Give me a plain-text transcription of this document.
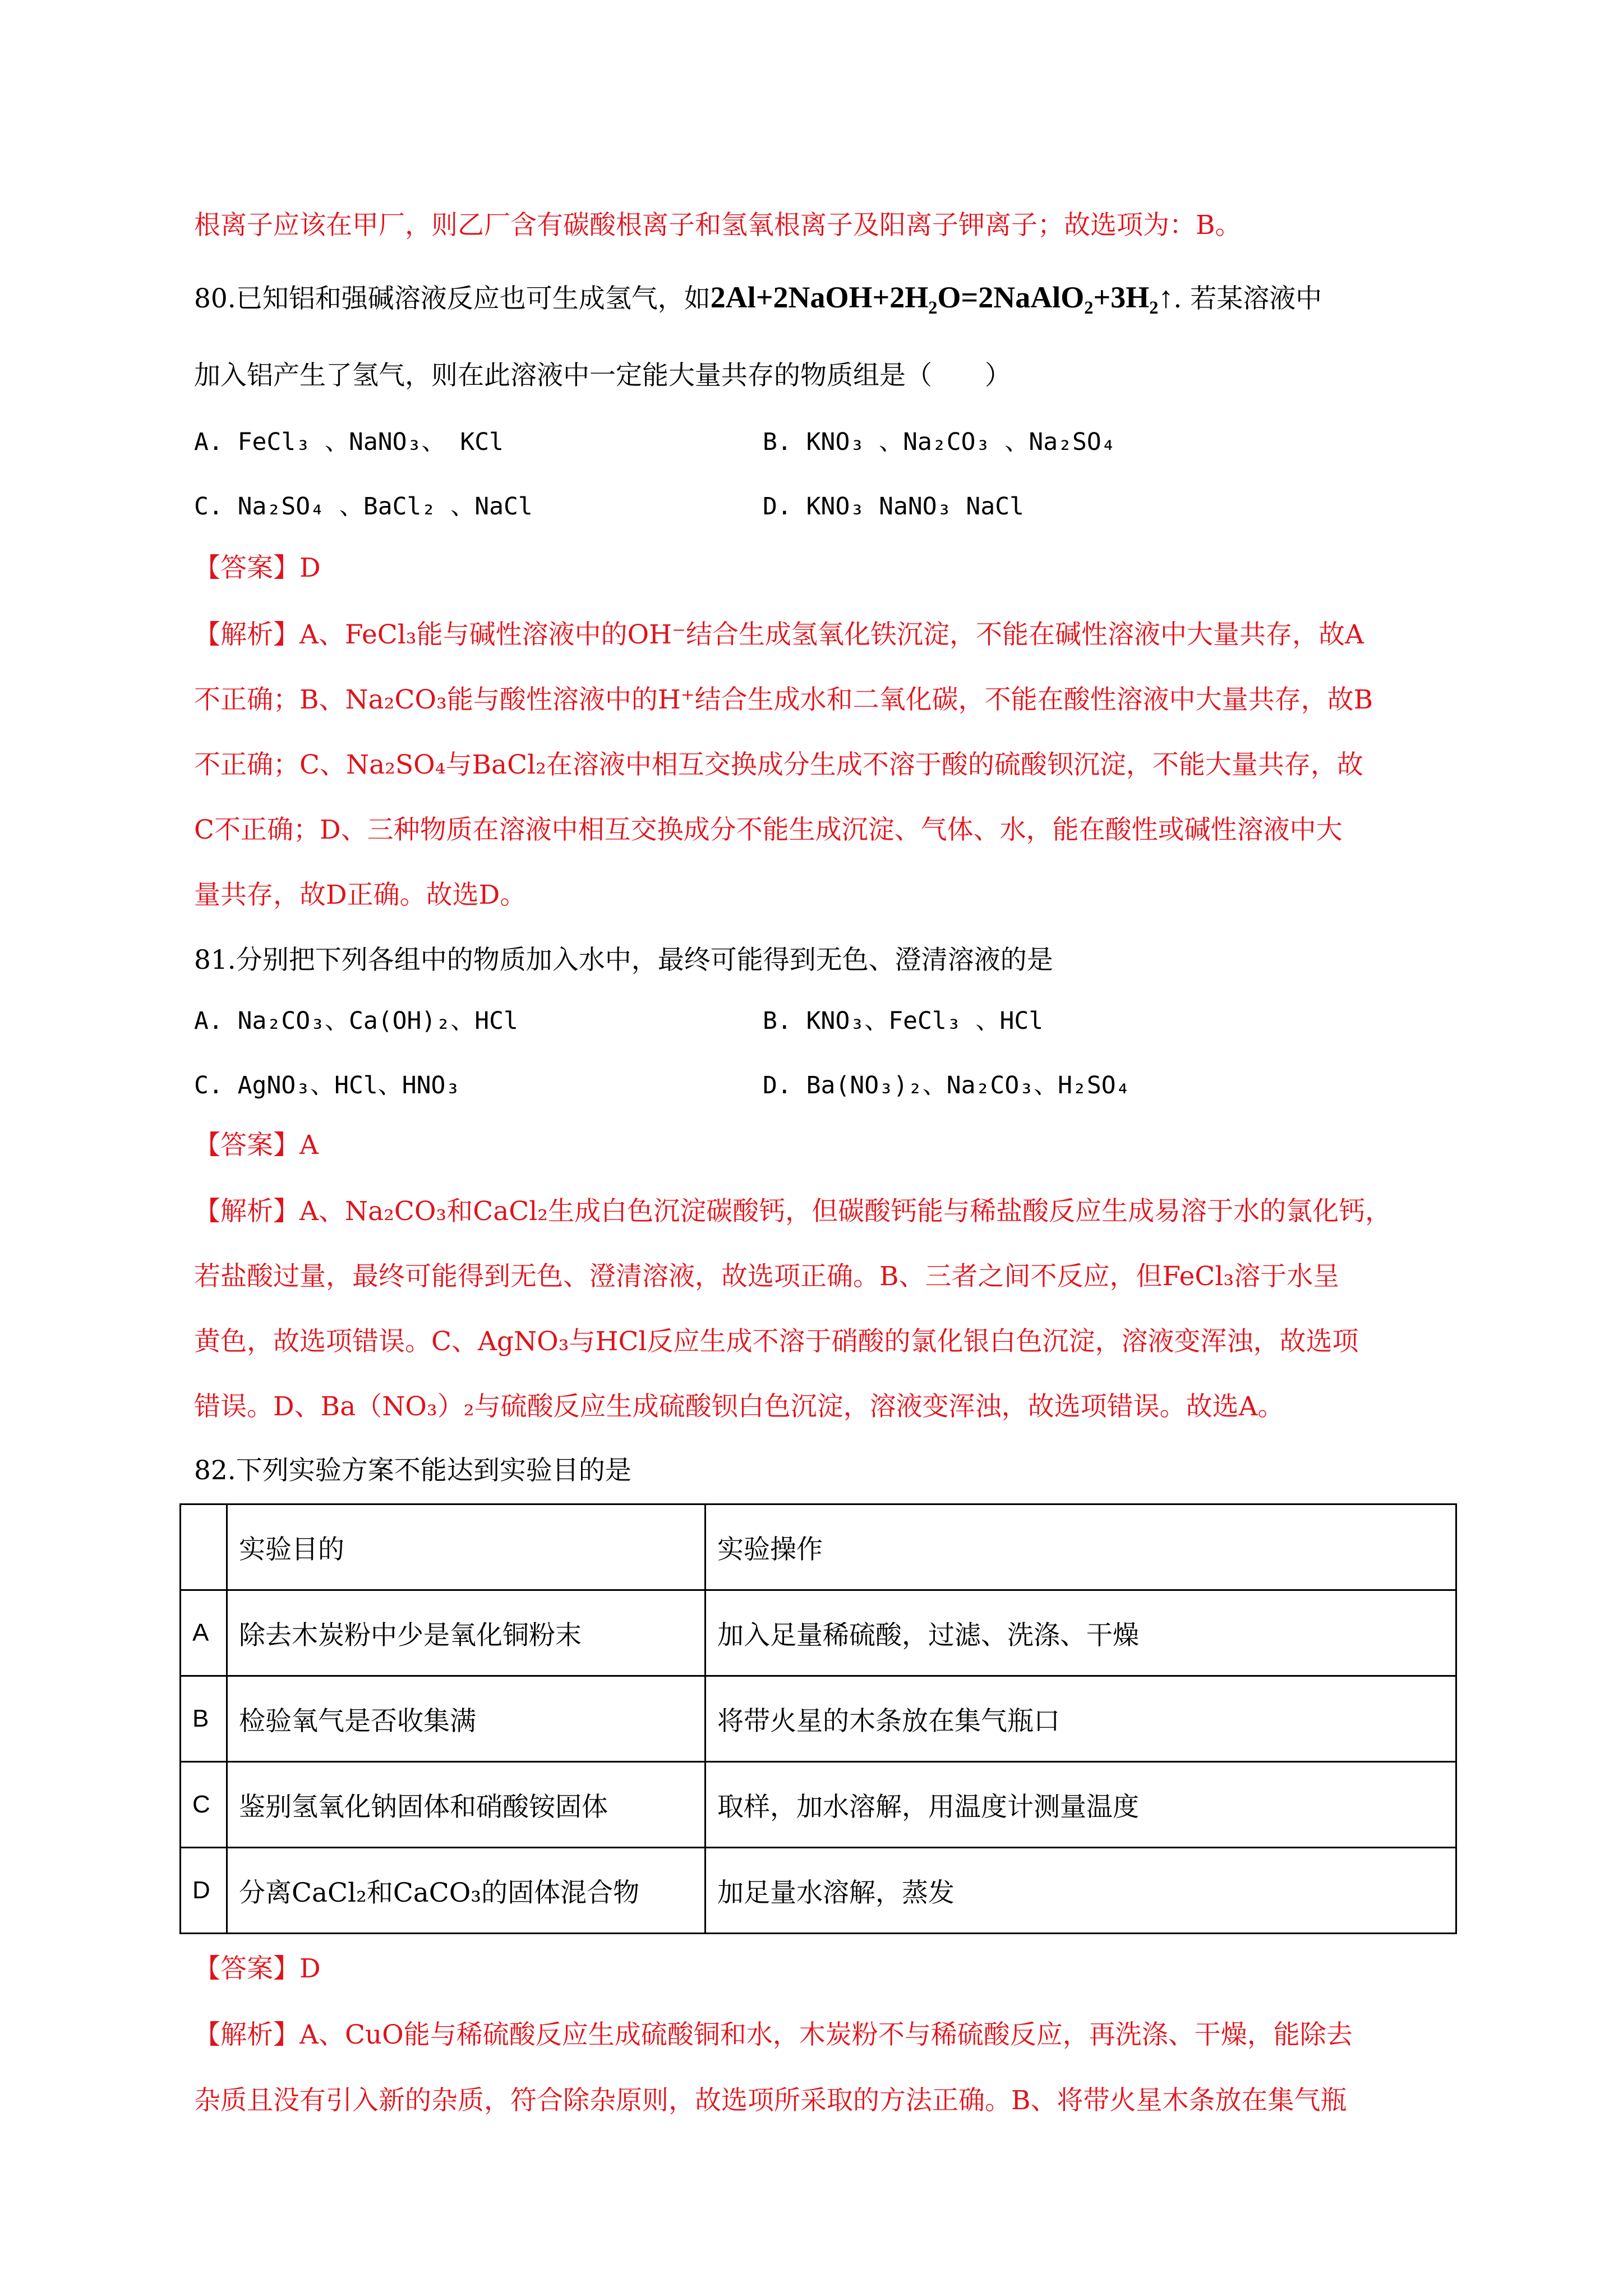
根离子应该在甲厂，则乙厂含有碳酸根离子和氢氧根离子及阳离子钾离子；故选项为：B。
80.已知铝和强碱溶液反应也可生成氢气，如2Al+2NaOH+2H₂O=2NaAlO₂+3H₂↑. 若某溶液中
加入铝产生了氢气，则在此溶液中一定能大量共存的物质组是（　　）
A. FeCl₃ 、NaNO₃、 KCl	B. KNO₃ 、Na₂CO₃ 、Na₂SO₄
C. Na₂SO₄ 、BaCl₂ 、NaCl	D. KNO₃ NaNO₃ NaCl
【答案】D
【解析】A、FeCl₃能与碱性溶液中的OH⁻结合生成氢氧化铁沉淀，不能在碱性溶液中大量共存，故A
不正确；B、Na₂CO₃能与酸性溶液中的H⁺结合生成水和二氧化碳，不能在酸性溶液中大量共存，故B
不正确；C、Na₂SO₄与BaCl₂在溶液中相互交换成分生成不溶于酸的硫酸钡沉淀，不能大量共存，故
C不正确；D、三种物质在溶液中相互交换成分不能生成沉淀、气体、水，能在酸性或碱性溶液中大
量共存，故D正确。故选D。
81.分别把下列各组中的物质加入水中，最终可能得到无色、澄清溶液的是
A. Na₂CO₃、Ca(OH)₂、HCl	B. KNO₃、FeCl₃ 、HCl
C. AgNO₃、HCl、HNO₃	D. Ba(NO₃)₂、Na₂CO₃、H₂SO₄
【答案】A
【解析】A、Na₂CO₃和CaCl₂生成白色沉淀碳酸钙，但碳酸钙能与稀盐酸反应生成易溶于水的氯化钙，
若盐酸过量，最终可能得到无色、澄清溶液，故选项正确。B、三者之间不反应，但FeCl₃溶于水呈
黄色，故选项错误。C、AgNO₃与HCl反应生成不溶于硝酸的氯化银白色沉淀，溶液变浑浊，故选项
错误。D、Ba（NO₃）₂与硫酸反应生成硫酸钡白色沉淀，溶液变浑浊，故选项错误。故选A。
82.下列实验方案不能达到实验目的是
	实验目的	实验操作
A	除去木炭粉中少是氧化铜粉末	加入足量稀硫酸，过滤、洗涤、干燥
B	检验氧气是否收集满	将带火星的木条放在集气瓶口
C	鉴别氢氧化钠固体和硝酸铵固体	取样，加水溶解，用温度计测量温度
D	分离CaCl₂和CaCO₃的固体混合物	加足量水溶解，蒸发
【答案】D
【解析】A、CuO能与稀硫酸反应生成硫酸铜和水，木炭粉不与稀硫酸反应，再洗涤、干燥，能除去
杂质且没有引入新的杂质，符合除杂原则，故选项所采取的方法正确。B、将带火星木条放在集气瓶
